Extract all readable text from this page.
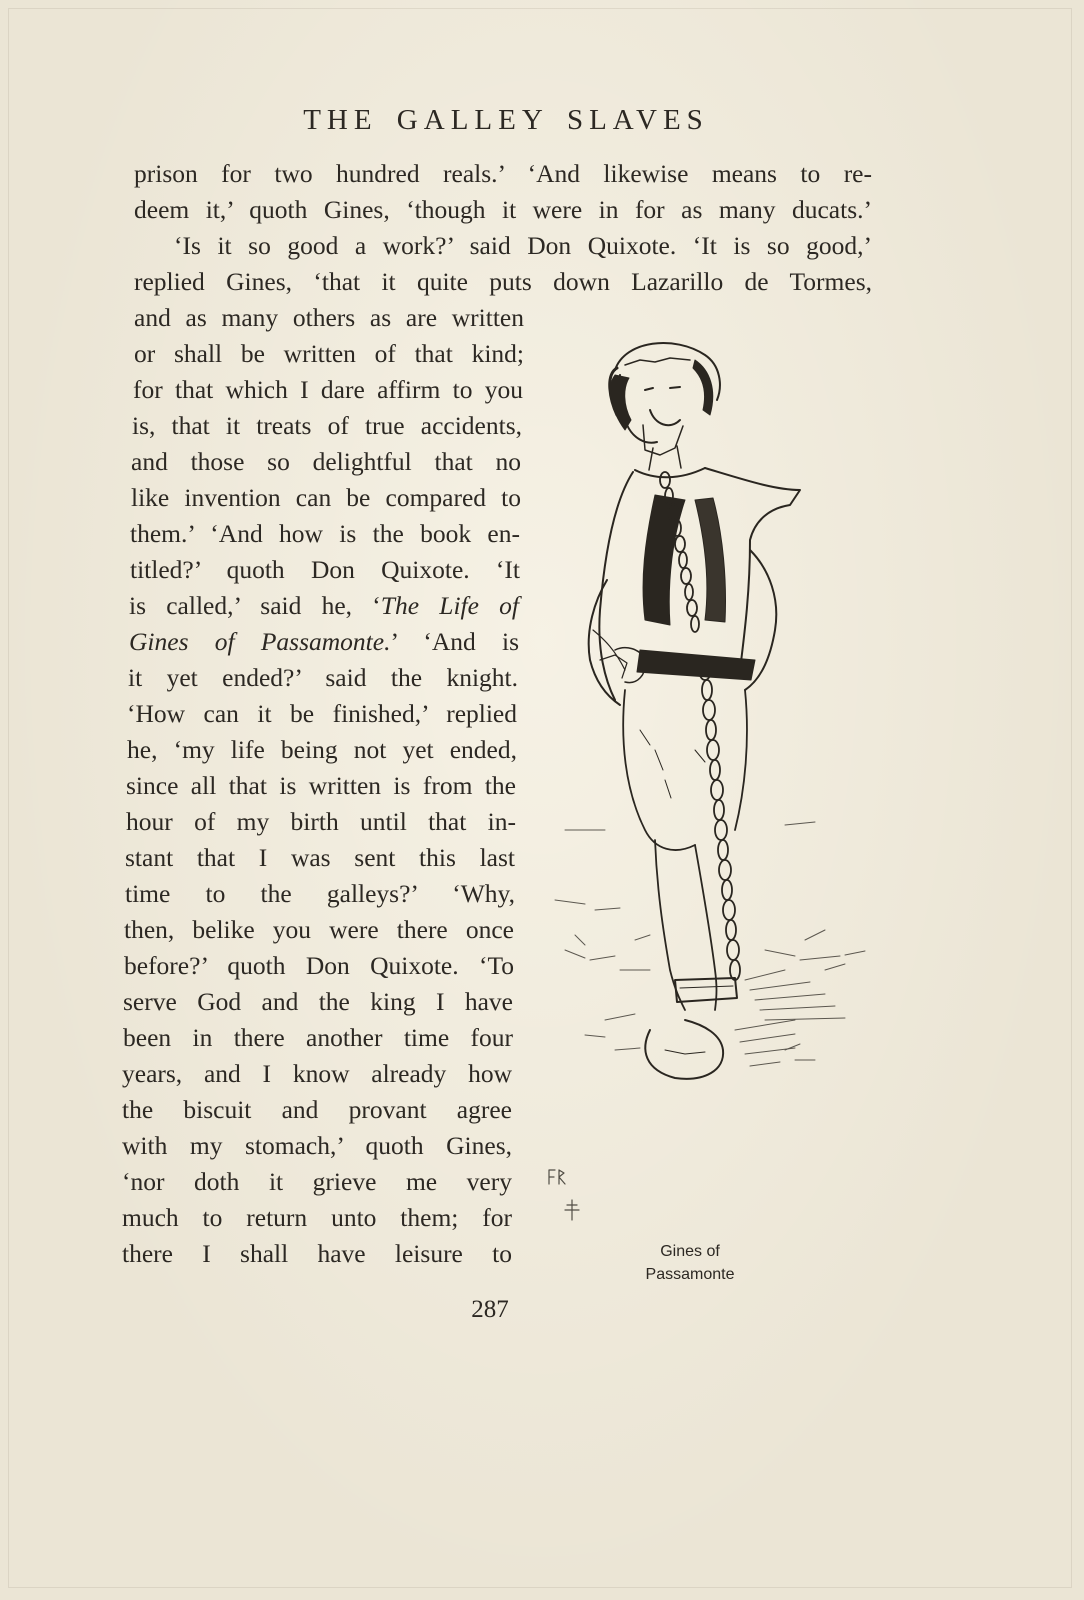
THE GALLEY SLAVES
prison for two hundred reals.’ ‘And likewise means to re-
deem it,’ quoth Gines, ‘though it were in for as many ducats.’
‘Is it so good a work?’ said Don Quixote. ‘It is so good,’
replied Gines, ‘that it quite puts down Lazarillo de Tormes,
and as many others as are written
or shall be written of that kind;
for that which I dare affirm to you
is, that it treats of true accidents,
and those so delightful that no
like invention can be compared to
them.’ ‘And how is the book en-
titled?’ quoth Don Quixote. ‘It
is called,’ said he, ‘The Life of
Gines of Passamonte.’ ‘And is
it yet ended?’ said the knight.
‘How can it be finished,’ replied
he, ‘my life being not yet ended,
since all that is written is from the
hour of my birth until that in-
stant that I was sent this last
time to the galleys?’ ‘Why,
then, belike you were there once
before?’ quoth Don Quixote. ‘To
serve God and the king I have
been in there another time four
years, and I know already how
the biscuit and provant agree
with my stomach,’ quoth Gines,
‘nor doth it grieve me very
much to return unto them; for
there I shall have leisure to	Gines of
Passamonte
287
